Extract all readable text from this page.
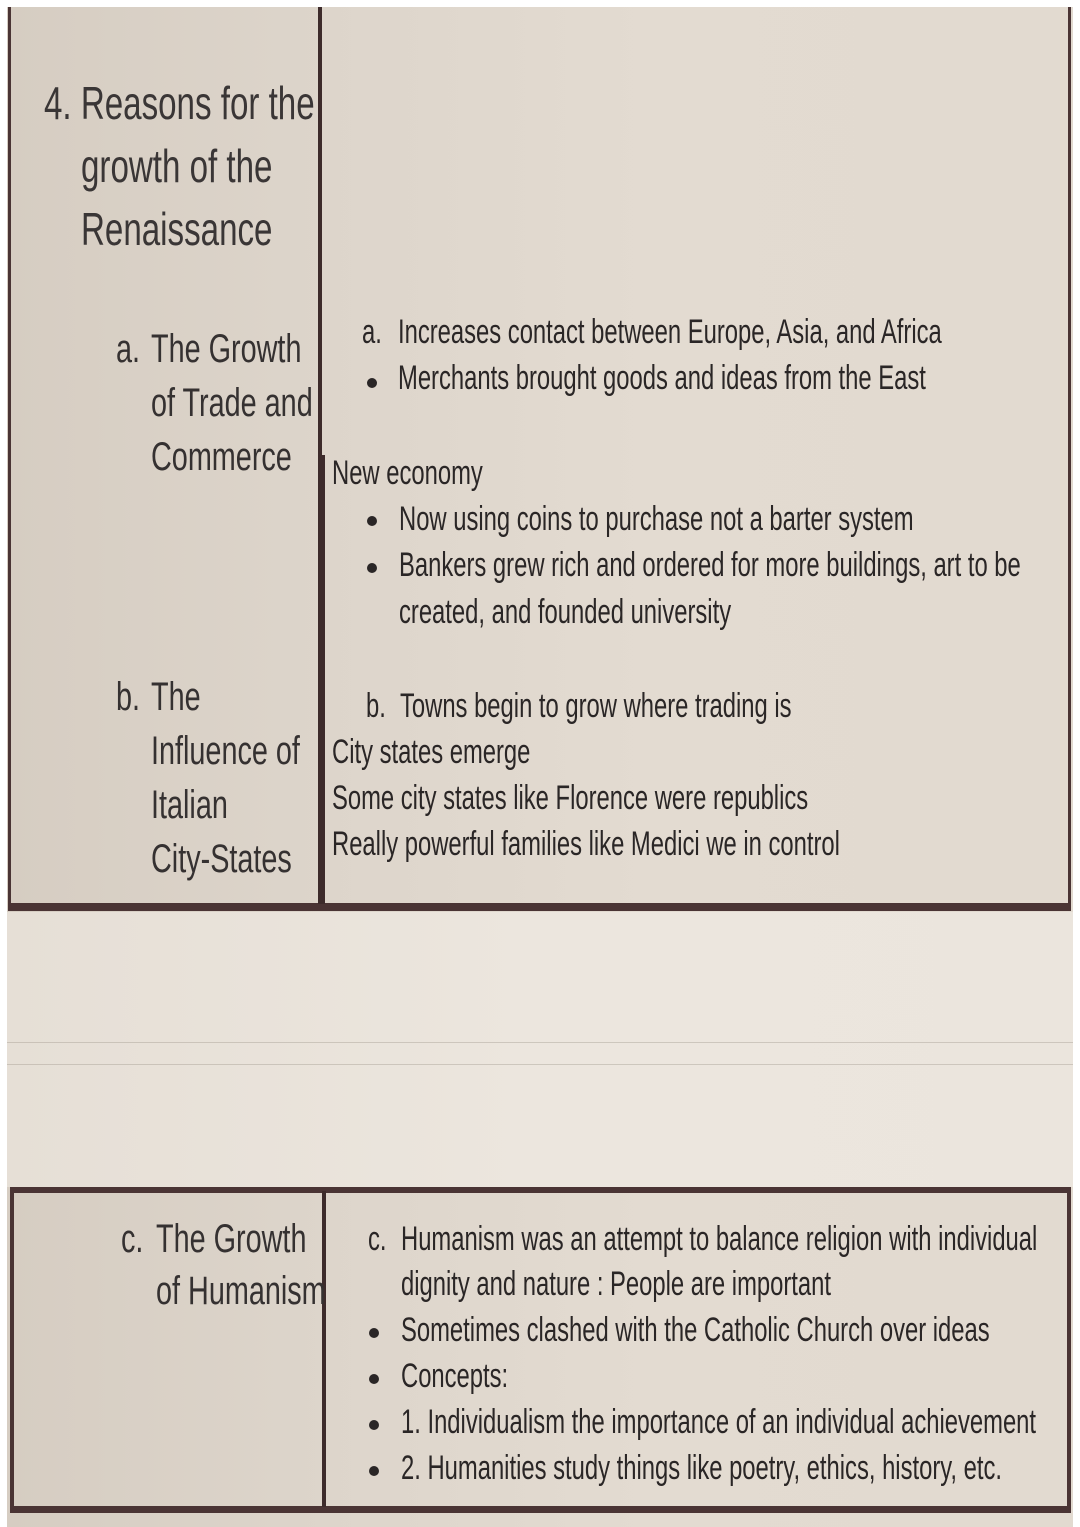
4. Reasons for the
growth of the
Renaissance
a. The Growth
of Trade and
Commerce
a. Increases contact between Europe, Asia, and Africa
Merchants brought goods and ideas from the East
New economy
Now using coins to purchase not a barter system
Bankers grew rich and ordered for more buildings, art to be
created, and founded university
b. The
Influence of
Italian
City-States
b. Towns begin to grow where trading is
City states emerge
Some city states like Florence were republics
Really powerful families like Medici we in control
c. The Growth
of Humanism
c. Humanism was an attempt to balance religion with individual
dignity and nature : People are important
Sometimes clashed with the Catholic Church over ideas
Concepts:
1. Individualism the importance of an individual achievement
2. Humanities study things like poetry, ethics, history, etc.
